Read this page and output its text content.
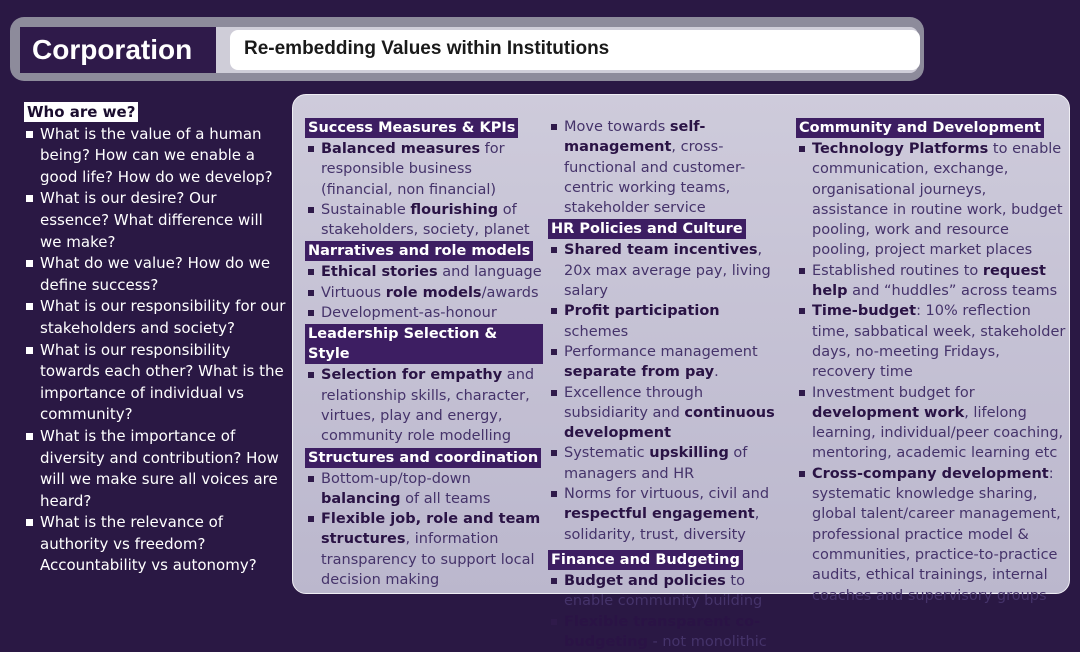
Corporation	Re-embedding Values within Institutions
Who are we?
What is the value of a human being? How can we enable a good life? How do we develop?
What is our desire? Our essence? What difference will we make?
What do we value? How do we define success?
What is our responsibility for our stakeholders and society?
What is our responsibility towards each other? What is the importance of individual vs community?
What is the importance of diversity and contribution? How will we make sure all voices are heard?
What is the relevance of authority vs freedom? Accountability vs autonomy?
Success Measures & KPIs
Balanced measures for responsible business (financial, non financial)
Sustainable flourishing of stakeholders, society, planet
Narratives and role models
Ethical stories and language
Virtuous role models/awards
Development-as-honour
Leadership Selection & Style
Selection for empathy and relationship skills, character, virtues, play and energy, community role modelling
Structures and coordination
Bottom-up/top-down balancing of all teams
Flexible job, role and team structures, information transparency to support local decision making
Move towards self-management, cross-functional and customer-centric working teams, stakeholder service
HR Policies and Culture
Shared team incentives, 20x max average pay, living salary
Profit participation schemes
Performance management separate from pay.
Excellence through subsidiarity and continuous development
Systematic upskilling of managers and HR
Norms for virtuous, civil and respectful engagement, solidarity, trust, diversity
Finance and Budgeting
Budget and policies to enable community building
Flexible transparent co-budgeting - not monolithic
Community and Development
Technology Platforms to enable communication, exchange, organisational journeys, assistance in routine work, budget pooling, work and resource pooling, project market places
Established routines to request help and “huddles” across teams
Time-budget: 10% reflection time, sabbatical week, stakeholder days, no-meeting Fridays, recovery time
Investment budget for development work, lifelong learning, individual/peer coaching, mentoring, academic learning etc
Cross-company development: systematic knowledge sharing, global talent/career management, professional practice model & communities, practice-to-practice audits, ethical trainings, internal coaches and supervisory groups
